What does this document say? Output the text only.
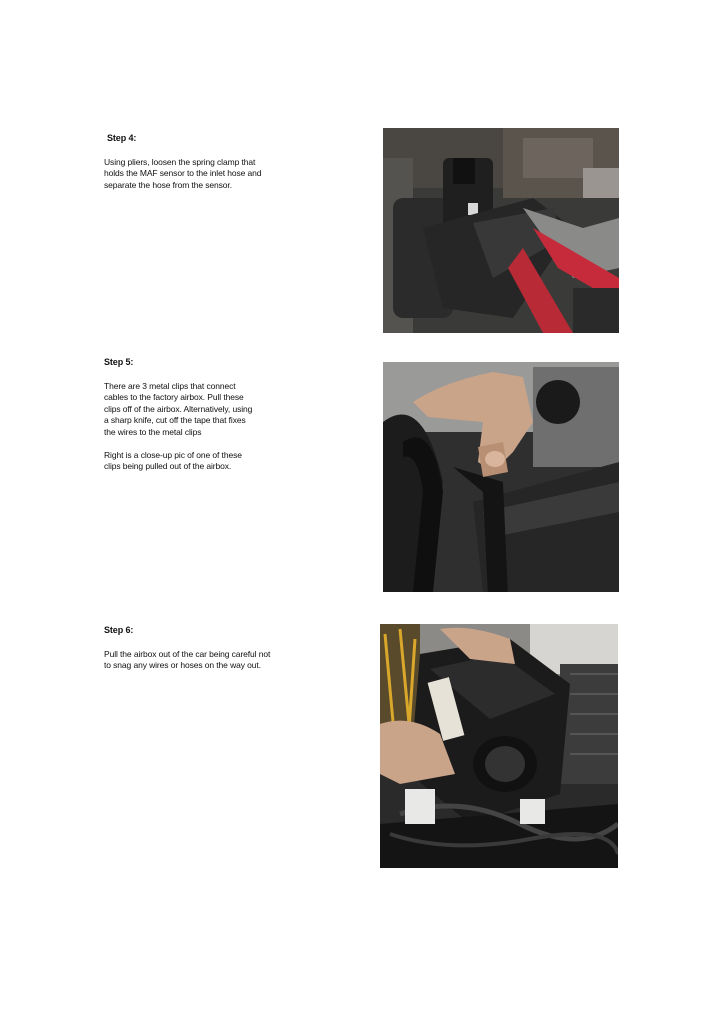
Step 4:
Using pliers, loosen the spring clamp that
holds the MAF sensor to the inlet hose and
separate the hose from the sensor.
Step 5:
There are 3 metal clips that connect
cables to the factory airbox. Pull these
clips off of the airbox. Alternatively, using
a sharp knife, cut off the tape that fixes
the wires to the metal clips
Right is a close-up pic of one of these
clips being pulled out of the airbox.
Step 6:
Pull the airbox out of the car being careful not
to snag any wires or hoses on the way out.
